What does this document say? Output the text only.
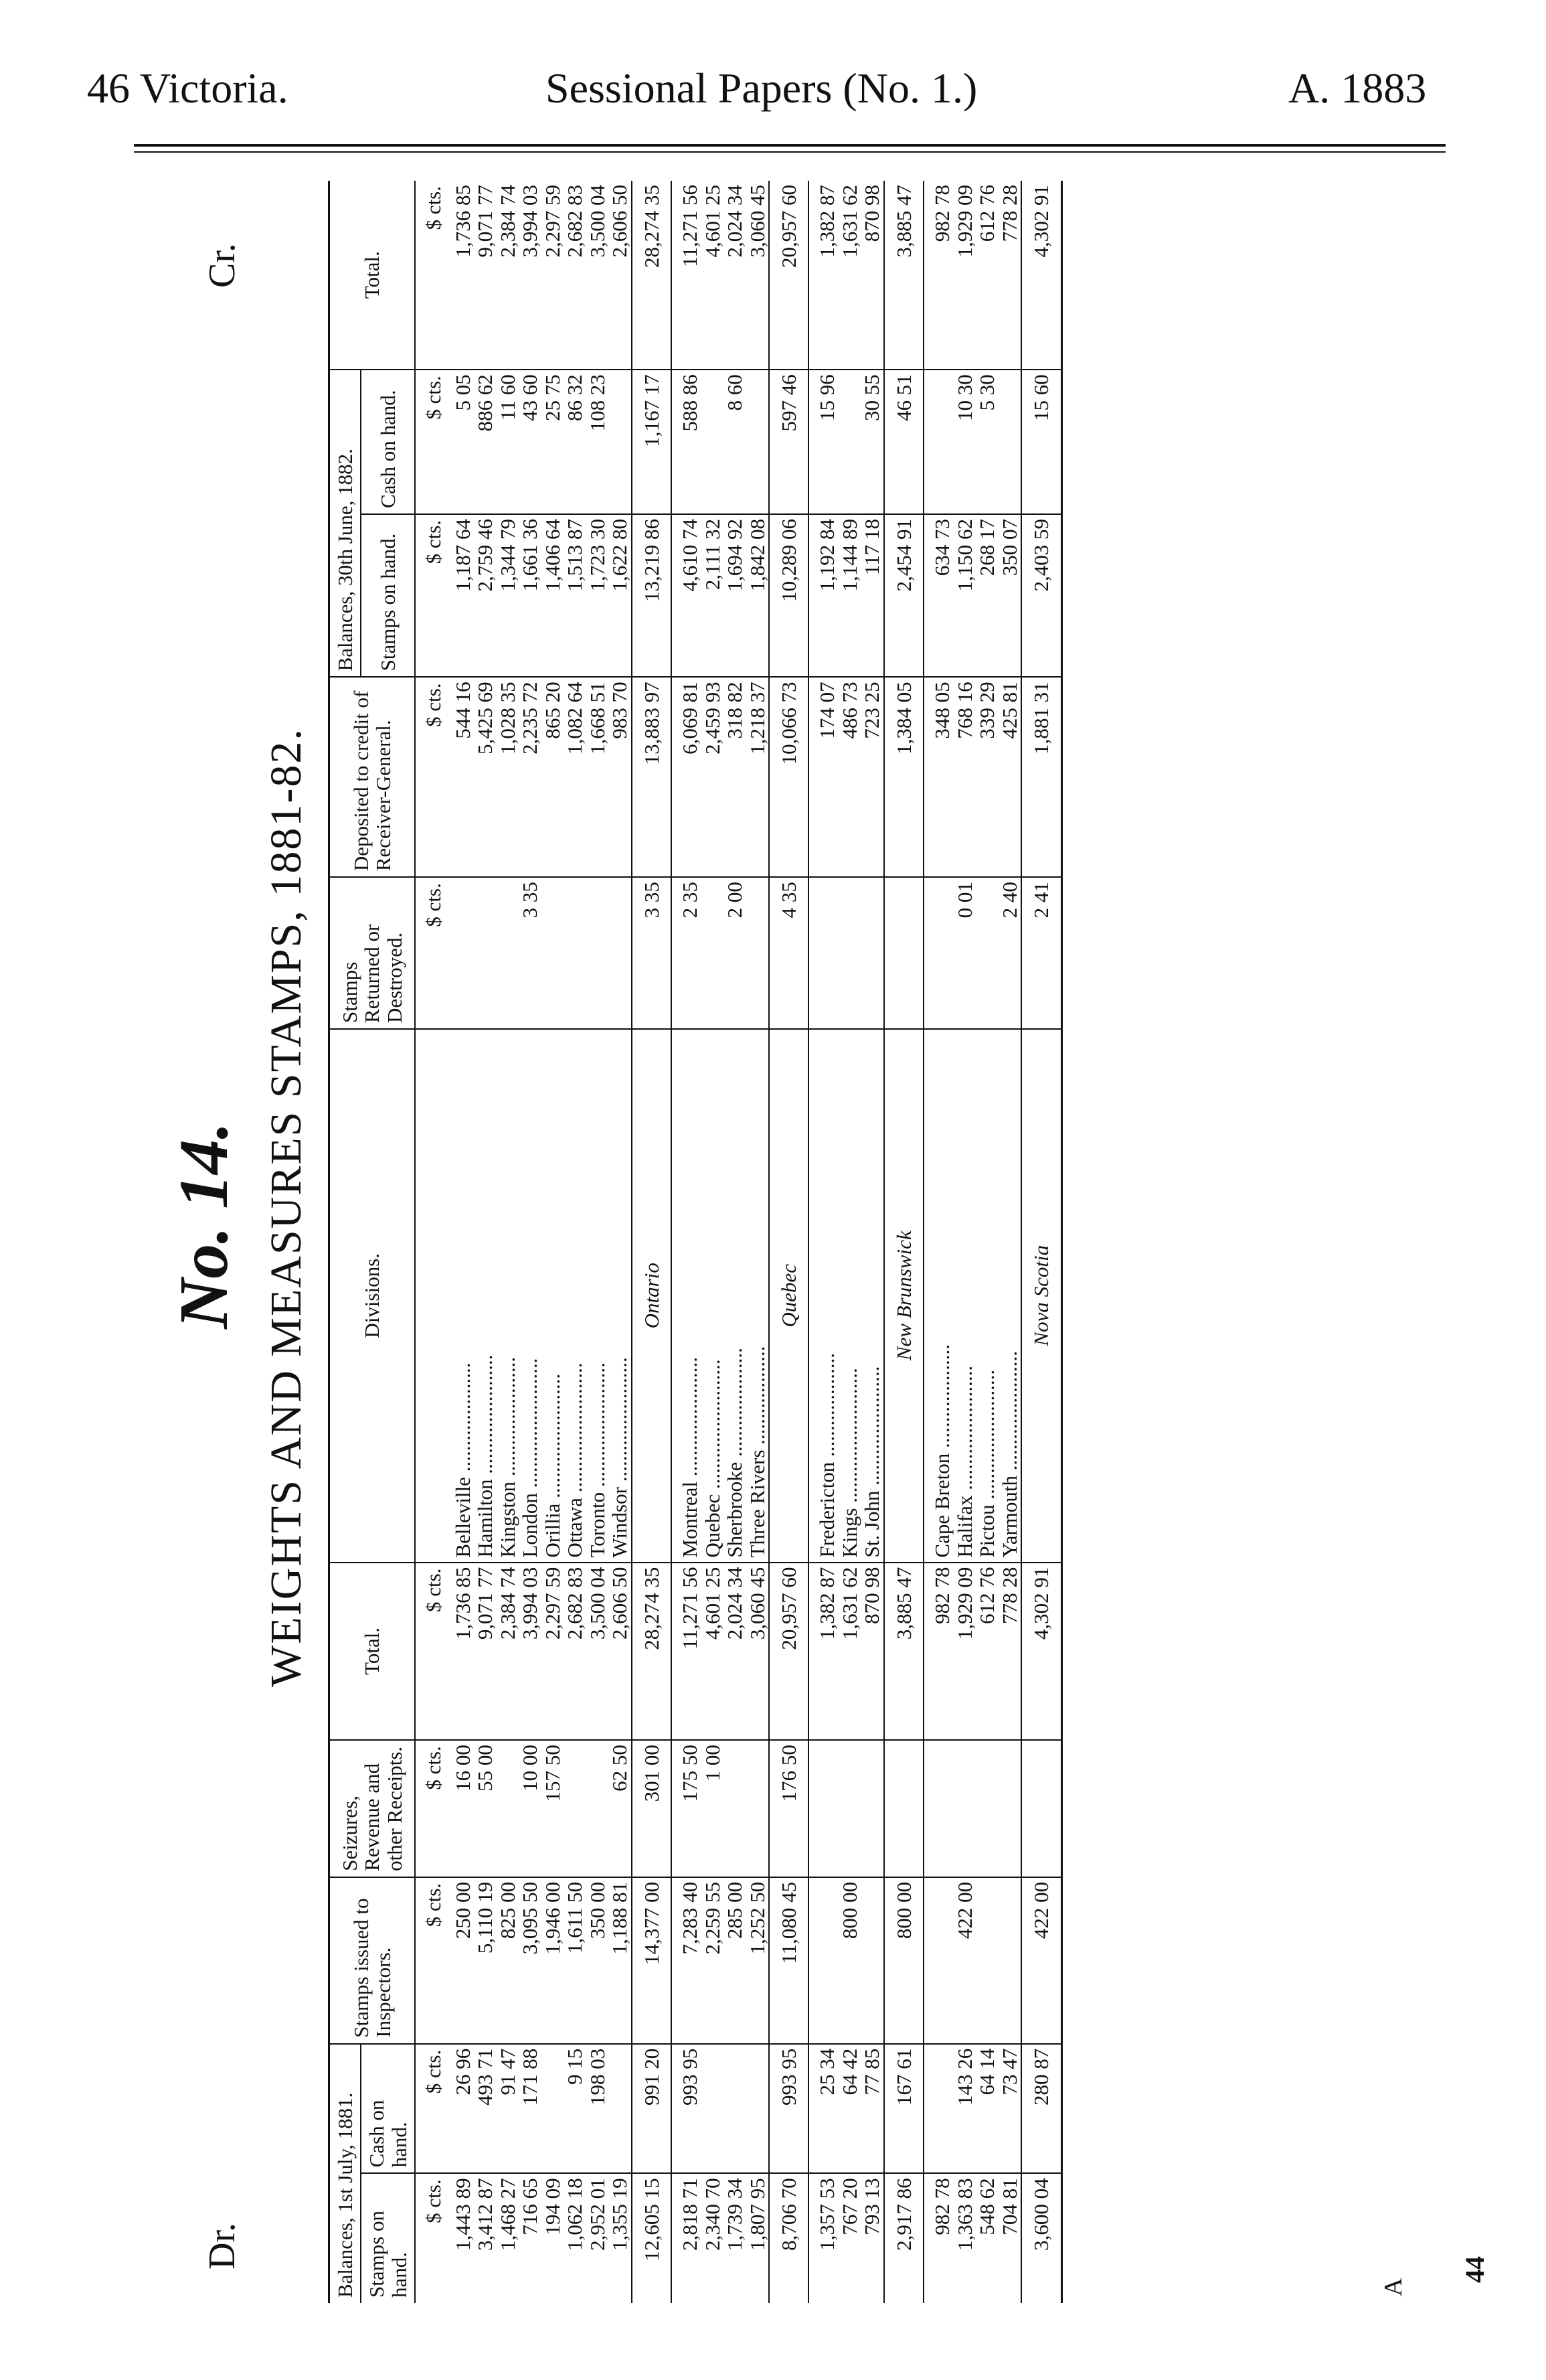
46 Victoria.	Sessional Papers (No. 1.)	A. 1883
Dr.
No. 14. WEIGHTS AND MEASURES STAMPS, 1881-82.
Cr.
Balances, 1st July, 1881.		Stamps issued to Inspectors.	Seizures, Revenue and other Receipts.	Total.	Divisions.	Stamps Returned or Destroyed.	Deposited to credit of Receiver-General.	Balances, 30th June, 1882.		Total.
Stamps on hand.	Cash on hand.							Stamps on hand.	Cash on hand.	
$ cts.	$ cts.	$ cts.	$ cts.	$ cts.		$ cts.	$ cts.	$ cts.	$ cts.	$ cts.
1,443 89	26 96	250 00	16 00	1,736 85	Belleville .....................		544 16	1,187 64	5 05	1,736 85
3,412 87	493 71	5,110 19	55 00	9,071 77	Hamilton .......................		5,425 69	2,759 46	886 62	9,071 77
1,468 27	91 47	825 00		2,384 74	Kingston .......................		1,028 35	1,344 79	11 60	2,384 74
716 65	171 88	3,095 50	10 00	3,994 03	London .........................	3 35	2,235 72	1,661 36	43 60	3,994 03
194 09		1,946 00	157 50	2,297 59	Orillia ........................		865 20	1,406 64	25 75	2,297 59
1,062 18	9 15	1,611 50		2,682 83	Ottawa .........................		1,082 64	1,513 87	86 32	2,682 83
2,952 01	198 03	350 00		3,500 04	Toronto ........................		1,668 51	1,723 30	108 23	3,500 04
1,355 19		1,188 81	62 50	2,606 50	Windsor ........................		983 70	1,622 80		2,606 50
12,605 15	991 20	14,377 00	301 00	28,274 35	Ontario	3 35	13,883 97	13,219 86	1,167 17	28,274 35
2,818 71	993 95	7,283 40	175 50	11,271 56	Montreal .......................	2 35	6,069 81	4,610 74	588 86	11,271 56
2,340 70		2,259 55	1 00	4,601 25	Quebec .........................		2,459 93	2,111 32		4,601 25
1,739 34		285 00		2,024 34	Sherbrooke .....................	2 00	318 82	1,694 92	8 60	2,024 34
1,807 95		1,252 50		3,060 45	Three Rivers ...................		1,218 37	1,842 08		3,060 45
8,706 70	993 95	11,080 45	176 50	20,957 60	Quebec	4 35	10,066 73	10,289 06	597 46	20,957 60
1,357 53	25 34			1,382 87	Fredericton ....................		174 07	1,192 84	15 96	1,382 87
767 20	64 42	800 00		1,631 62	Kings ..........................		486 73	1,144 89		1,631 62
793 13	77 85			870 98	St. John .......................		723 25	117 18	30 55	870 98
2,917 86	167 61	800 00		3,885 47	New Brunswick		1,384 05	2,454 91	46 51	3,885 47
982 78				982 78	Cape Breton ....................		348 05	634 73		982 78
1,363 83	143 26	422 00		1,929 09	Halifax ........................	0 01	768 16	1,150 62	10 30	1,929 09
548 62	64 14			612 76	Pictou .........................		339 29	268 17	5 30	612 76
704 81	73 47			778 28	Yarmouth .......................	2 40	425 81	350 07		778 28
3,600 04	280 87	422 00		4,302 91	Nova Scotia	2 41	1,881 31	2,403 59	15 60	4,302 91
A
44
